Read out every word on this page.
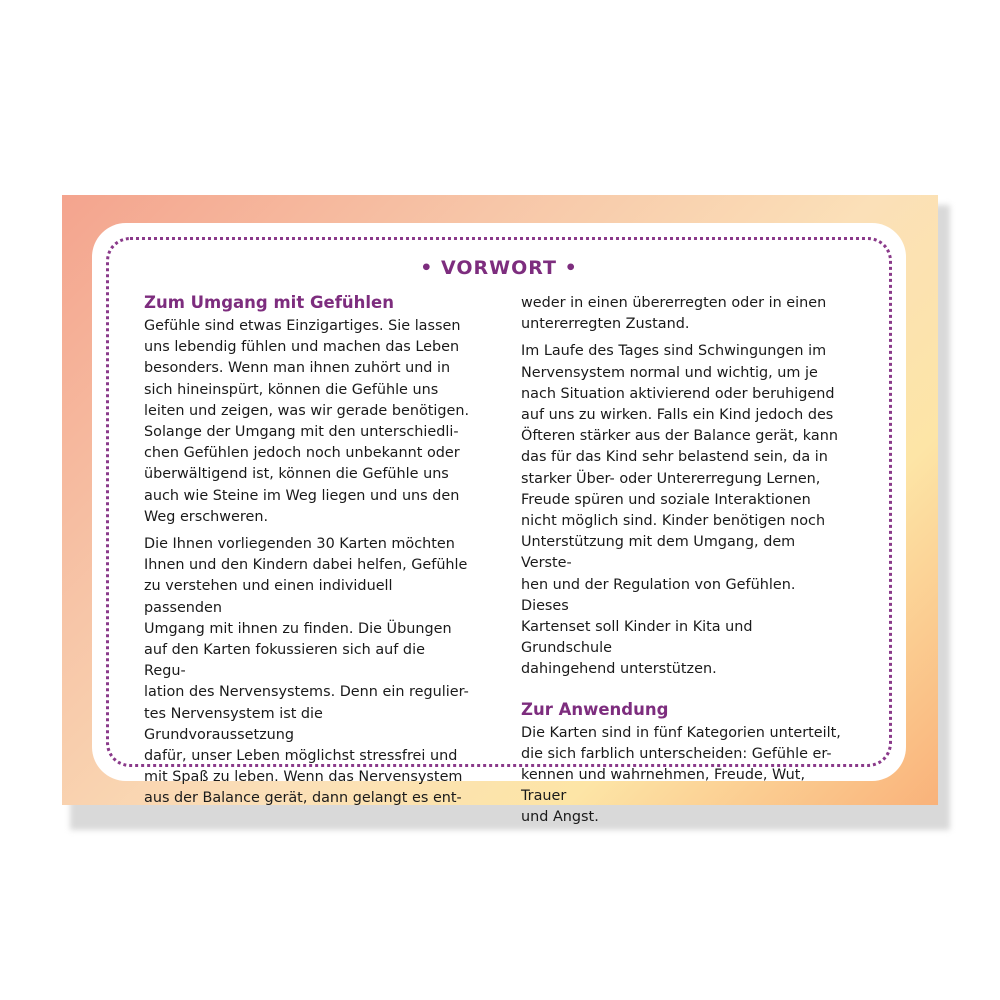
• VORWORT •
Zum Umgang mit Gefühlen

Gefühle sind etwas Einzigartiges. Sie lassen
uns lebendig fühlen und machen das Leben
besonders. Wenn man ihnen zuhört und in
sich hineinspürt, können die Gefühle uns
leiten und zeigen, was wir gerade benötigen.
Solange der Umgang mit den unterschiedli-
chen Gefühlen jedoch noch unbekannt oder
überwältigend ist, können die Gefühle uns
auch wie Steine im Weg liegen und uns den
Weg erschweren.

Die Ihnen vorliegenden 30 Karten möchten
Ihnen und den Kindern dabei helfen, Gefühle
zu verstehen und einen individuell passenden
Umgang mit ihnen zu finden. Die Übungen
auf den Karten fokussieren sich auf die Regu-
lation des Nervensystems. Denn ein regulier-
tes Nervensystem ist die Grundvoraussetzung
dafür, unser Leben möglichst stressfrei und
mit Spaß zu leben. Wenn das Nervensystem
aus der Balance gerät, dann gelangt es ent-

weder in einen übererregten oder in einen
untererregten Zustand.

Im Laufe des Tages sind Schwingungen im
Nervensystem normal und wichtig, um je
nach Situation aktivierend oder beruhigend
auf uns zu wirken. Falls ein Kind jedoch des
Öfteren stärker aus der Balance gerät, kann
das für das Kind sehr belastend sein, da in
starker Über- oder Untererregung Lernen,
Freude spüren und soziale Interaktionen
nicht möglich sind. Kinder benötigen noch
Unterstützung mit dem Umgang, dem Verste-
hen und der Regulation von Gefühlen. Dieses
Kartenset soll Kinder in Kita und Grundschule
dahingehend unterstützen.

Zur Anwendung

Die Karten sind in fünf Kategorien unterteilt,
die sich farblich unterscheiden: Gefühle er-
kennen und wahrnehmen, Freude, Wut, Trauer
und Angst.
